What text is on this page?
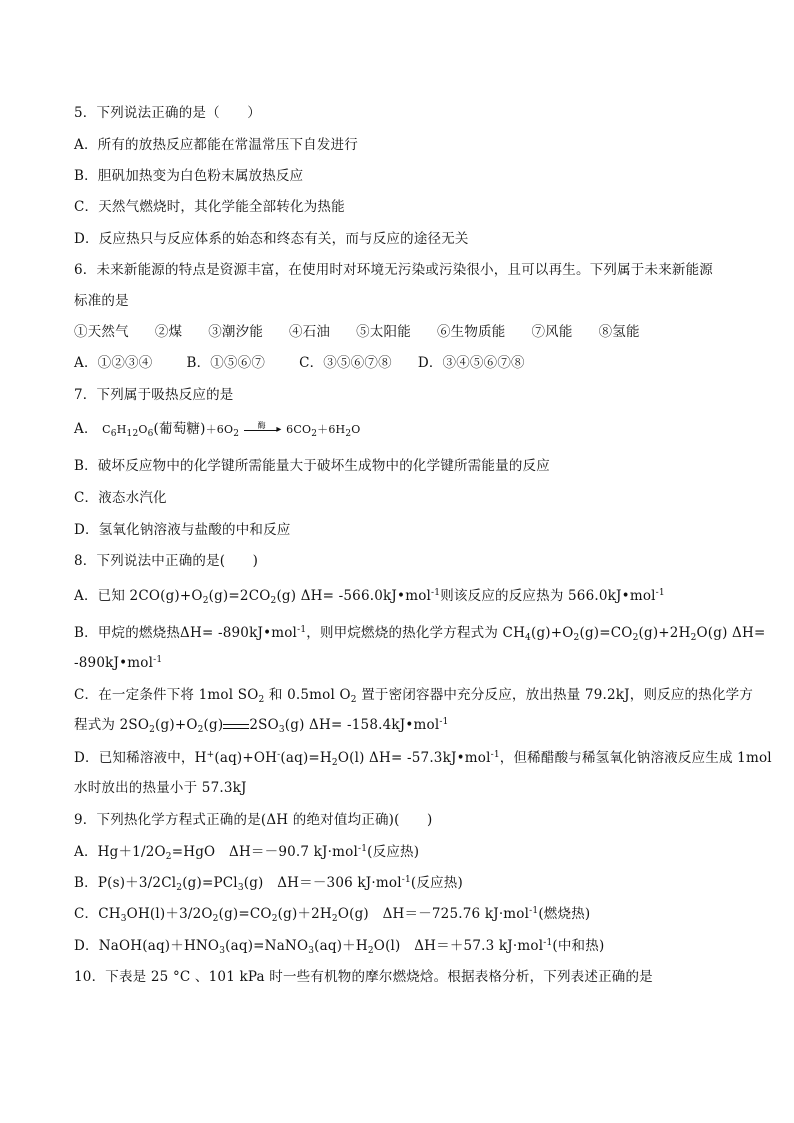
5．下列说法正确的是（　　）
A．所有的放热反应都能在常温常压下自发进行
B．胆矾加热变为白色粉末属放热反应
C．天然气燃烧时，其化学能全部转化为热能
D．反应热只与反应体系的始态和终态有关，而与反应的途径无关
6．未来新能源的特点是资源丰富，在使用时对环境无污染或污染很小，且可以再生。下列属于未来新能源
标准的是
①天然气 ②煤 ③潮汐能 ④石油 ⑤太阳能 ⑥生物质能 ⑦风能 ⑧氢能
A．①②③④	B．①⑤⑥⑦	C．③⑤⑥⑦⑧ D．③④⑤⑥⑦⑧
7．下列属于吸热反应的是
A． $C_6H_{12}O_6$(葡萄糖)$+6O_2$
酶 ▸ $6CO_2+6H_2O$
B．破坏反应物中的化学键所需能量大于破坏生成物中的化学键所需能量的反应
C．液态水汽化
D．氢氧化钠溶液与盐酸的中和反应
8．下列说法中正确的是(　　)
A．已知 $2CO(g)+O_2(g)=2CO_2(g)$ ΔH= -566.0kJ•mol$^{-1}$则该反应的反应热为 566.0kJ•mol$^{-1}$
B．甲烷的燃烧热ΔH= -890kJ•mol$^{-1}$，则甲烷燃烧的热化学方程式为 $CH_4(g)+O_2(g)=CO_2(g)+2H_2O(g)$ ΔH=
-890kJ•mol$^{-1}$
C．在一定条件下将 1mol $SO_2$ 和 0.5mol $O_2$ 置于密闭容器中充分反应，放出热量 79.2kJ，则反应的热化学方
程式为 $2SO_2(g)+O_2(g)$ $2SO_3(g)$ ΔH= -158.4kJ•mol$^{-1}$
D．已知稀溶液中，$H^+(aq)+OH^-(aq)=H_2O(l)$ ΔH= -57.3kJ•mol$^{-1}$，但稀醋酸与稀氢氧化钠溶液反应生成 1mol
水时放出的热量小于 57.3kJ
9．下列热化学方程式正确的是(ΔH 的绝对值均正确)(　　)
A．$Hg+1/2O_2=HgO$　ΔH＝－90.7 kJ·mol$^{-1}$(反应热)
B．$P(s)+3/2Cl_2(g)=PCl_3(g)$　ΔH＝－306 kJ·mol$^{-1}$(反应热)
C．$CH_3OH(l)+3/2O_2(g)=CO_2(g)+2H_2O(g)$　ΔH＝－725.76 kJ·mol$^{-1}$(燃烧热)
D．$NaOH(aq)+HNO_3(aq)=NaNO_3(aq)+H_2O(l)$　ΔH＝＋57.3 kJ·mol$^{-1}$(中和热)
10．下表是 25 °C 、101 kPa 时一些有机物的摩尔燃烧焓。根据表格分析，下列表述正确的是
